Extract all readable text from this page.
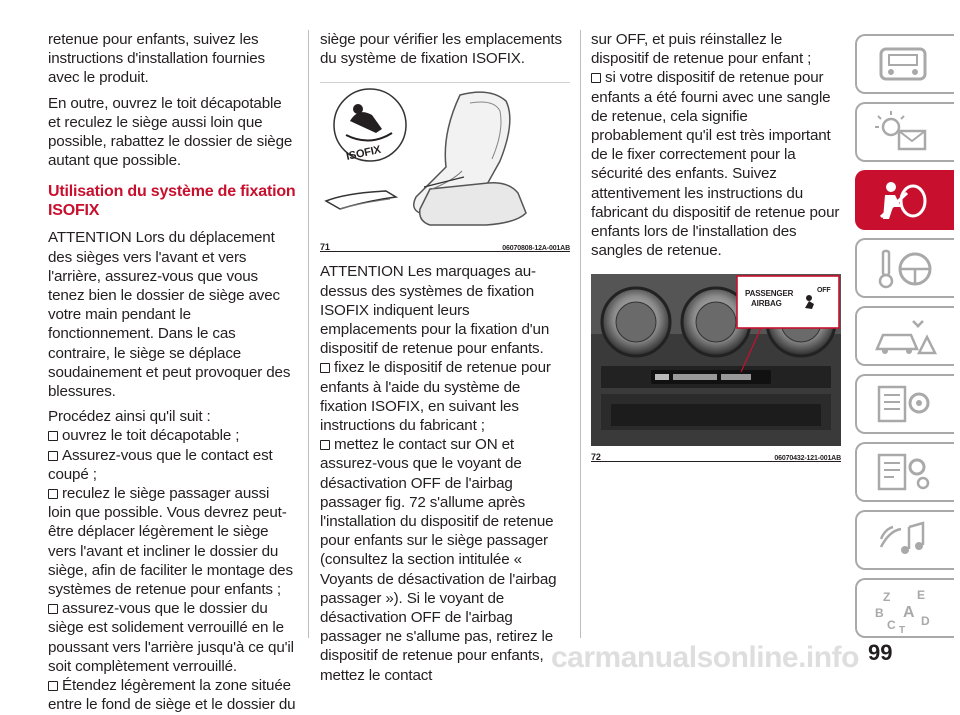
retenue pour enfants, suivez les instructions d'installation fournies avec le produit.

En outre, ouvrez le toit décapotable et reculez le siège aussi loin que possible, rabattez le dossier de siège autant que possible.

Utilisation du système de fixation ISOFIX

ATTENTION Lors du déplacement des sièges vers l'avant et vers l'arrière, assurez-vous que vous tenez bien le dossier de siège avec votre main pendant le fonctionnement. Dans le cas contraire, le siège se déplace soudainement et peut provoquer des blessures.

Procédez ainsi qu'il suit :

ouvrez le toit décapotable ;

Assurez-vous que le contact est coupé ;

reculez le siège passager aussi loin que possible. Vous devrez peut-être déplacer légèrement le siège vers l'avant et incliner le dossier du siège, afin de faciliter le montage des systèmes de retenue pour enfants ;

assurez-vous que le dossier du siège est solidement verrouillé en le poussant vers l'arrière jusqu'à ce qu'il soit complètement verrouillé.

Étendez légèrement la zone située entre le fond de siège et le dossier du

siège pour vérifier les emplacements du système de fixation ISOFIX.

ISOFIX
71	06070808-12A-001AB

ATTENTION Les marquages au-dessus des systèmes de fixation ISOFIX indiquent leurs emplacements pour la fixation d'un dispositif de retenue pour enfants.

fixez le dispositif de retenue pour enfants à l'aide du système de fixation ISOFIX, en suivant les instructions du fabricant ;

mettez le contact sur ON et assurez-vous que le voyant de désactivation OFF de l'airbag passager fig. 72 s'allume après l'installation du dispositif de retenue pour enfants sur le siège passager (consultez la section intitulée « Voyants de désactivation de l'airbag passager »). Si le voyant de désactivation OFF de l'airbag passager ne s'allume pas, retirez le dispositif de retenue pour enfants, mettez le contact

sur OFF, et puis réinstallez le dispositif de retenue pour enfant ;

si votre dispositif de retenue pour enfants a été fourni avec une sangle de retenue, cela signifie probablement qu'il est très important de le fixer correctement pour la sécurité des enfants. Suivez attentivement les instructions du fabricant du dispositif de retenue pour enfants lors de l'installation des sangles de retenue.

PASSENGER
AIRBAG
OFF
72	06070432-121-001AB
Z E
B A
C D
T
carmanualsonline.info 99
